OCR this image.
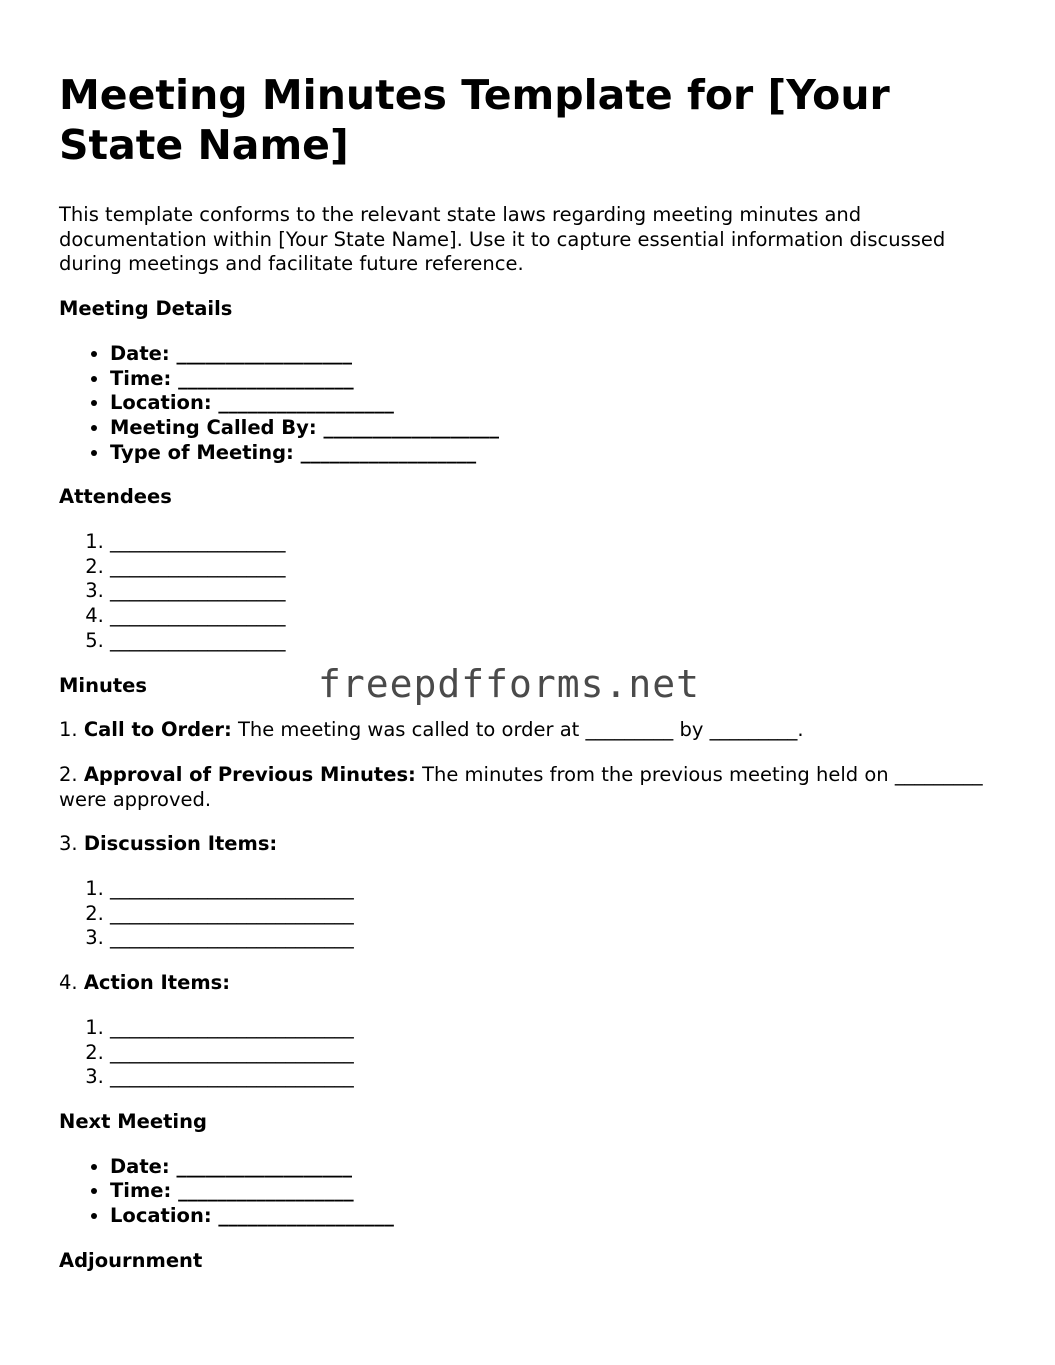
Meeting Minutes Template for [Your State Name]

This template conforms to the relevant state laws regarding meeting minutes and documentation within [Your State Name]. Use it to capture essential information discussed during meetings and facilitate future reference.

Meeting Details
• Date: __________________
• Time: __________________
• Location: __________________
• Meeting Called By: __________________
• Type of Meeting: __________________
Attendees
1. __________________
2. __________________
3. __________________
4. __________________
5. __________________
Minutes

1. Call to Order: The meeting was called to order at _________ by _________.

2. Approval of Previous Minutes: The minutes from the previous meeting held on _________ were approved.

3. Discussion Items:

1. _________________________
2. _________________________
3. _________________________

4. Action Items:

1. _________________________
2. _________________________
3. _________________________
Next Meeting
• Date: __________________
• Time: __________________
• Location: __________________
Adjournment
freepdfforms.net
